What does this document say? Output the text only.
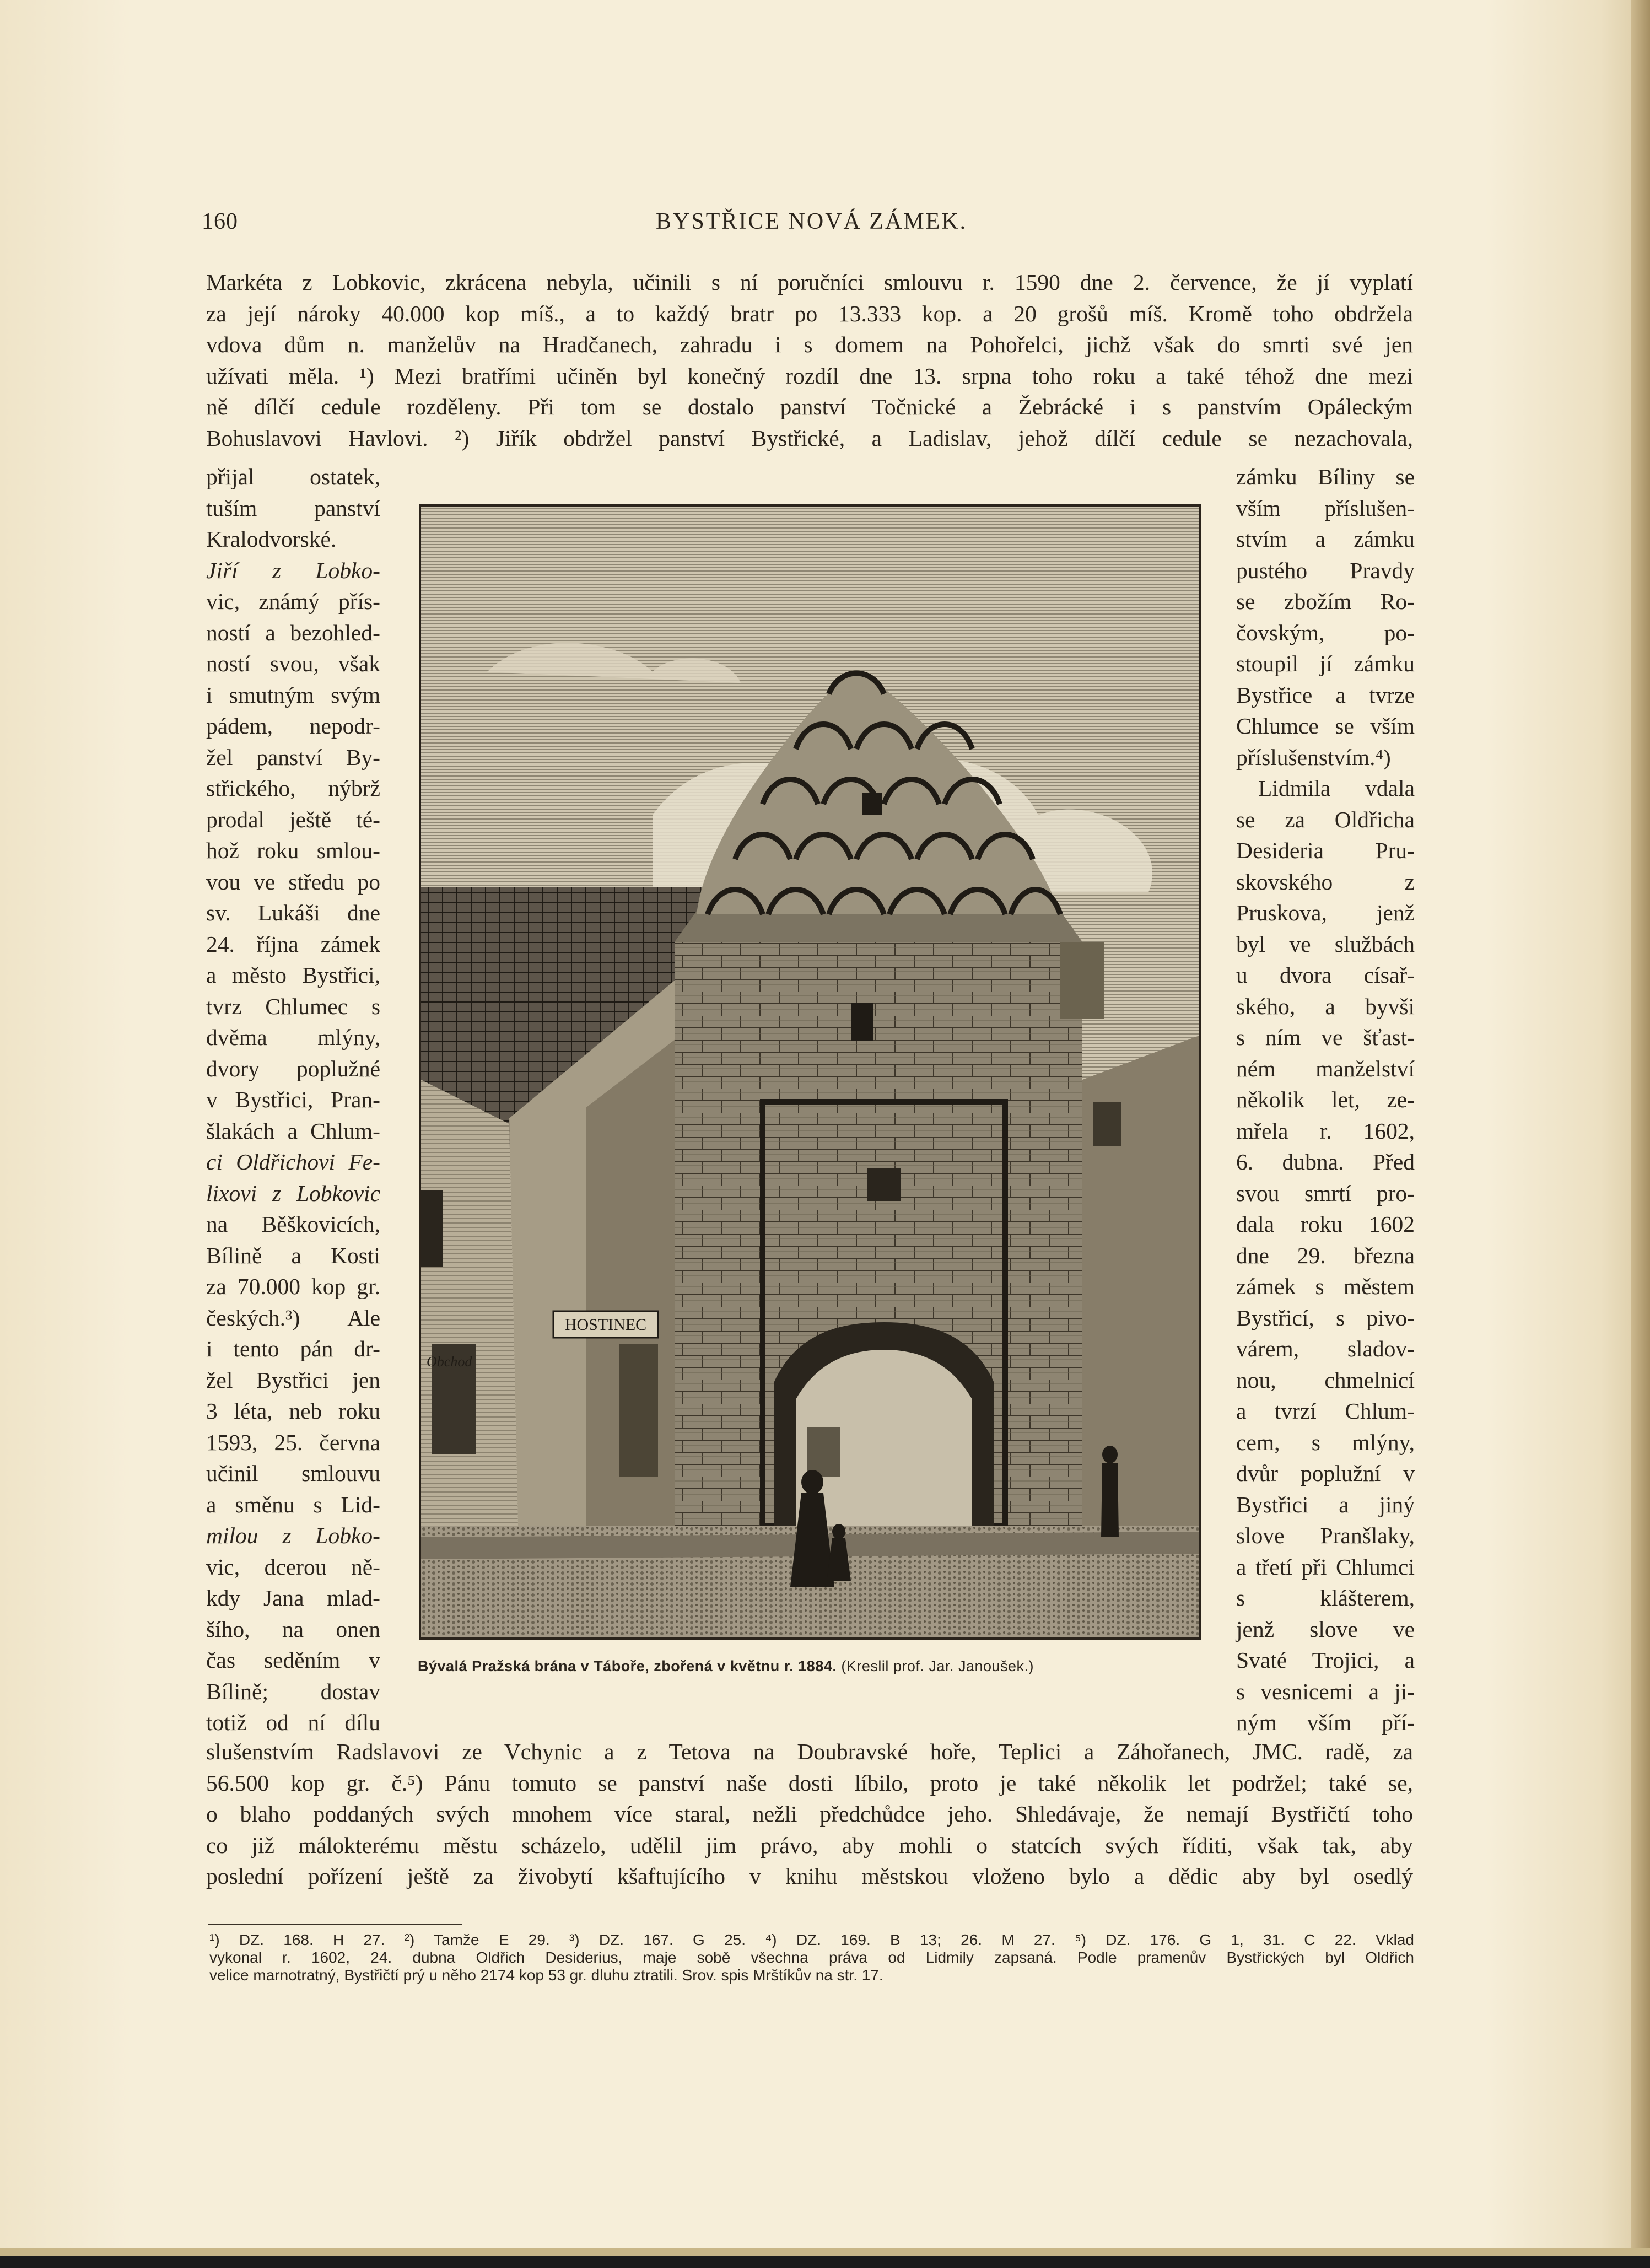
160	BYSTŘICE NOVÁ ZÁMEK.
Markéta z Lobkovic, zkrácena nebyla, učinili s ní poručníci smlouvu r. 1590 dne 2. července, že jí vyplatí
za její nároky 40.000 kop míš., a to každý bratr po 13.333 kop. a 20 grošů míš. Kromě toho obdržela
vdova dům n. manželův na Hradčanech, zahradu i s domem na Pohořelci, jichž však do smrti své jen
užívati měla. ¹) Mezi bratřími učiněn byl konečný rozdíl dne 13. srpna toho roku a také téhož dne mezi
ně dílčí cedule rozděleny. Při tom se dostalo panství Točnické a Žebrácké i s panstvím Opáleckým
Bohuslavovi Havlovi. ²) Jiřík obdržel panství Bystřické, a Ladislav, jehož dílčí cedule se nezachovala,
přijal ostatek,
tuším panství
Kralodvorské.
Jiří z Lobko-
vic, známý přís-
ností a bezohled-
ností svou, však
i smutným svým
pádem, nepodr-
žel panství By-
střického, nýbrž
prodal ještě té-
hož roku smlou-
vou ve středu po
sv. Lukáši dne
24. října zámek
a město Bystřici,
tvrz Chlumec s
dvěma mlýny,
dvory poplužné
v Bystřici, Pran-
šlakách a Chlum-
ci Oldřichovi Fe-
lixovi z Lobkovic
na Běškovicích,
Bílině a Kosti
za 70.000 kop gr.
českých.³) Ale
i tento pán dr-
žel Bystřici jen
3 léta, neb roku
1593, 25. června
učinil smlouvu
a směnu s Lid-
milou z Lobko-
vic, dcerou ně-
kdy Jana mlad-
šího, na onen
čas seděním v
Bílině; dostav
totiž od ní dílu
zámku Bíliny se
vším příslušen-
stvím a zámku
pustého Pravdy
se zbožím Ro-
čovským, po-
stoupil jí zámku
Bystřice a tvrze
Chlumce se vším
příslušenstvím.⁴)
Lidmila vdala
se za Oldřicha
Desideria Pru-
skovského z
Pruskova, jenž
byl ve službách
u dvora císař-
ského, a byvši
s ním ve šťast-
ném manželství
několik let, ze-
mřela r. 1602,
6. dubna. Před
svou smrtí pro-
dala roku 1602
dne 29. března
zámek s městem
Bystřicí, s pivo-
várem, sladov-
nou, chmelnicí
a tvrzí Chlum-
cem, s mlýny,
dvůr poplužní v
Bystřici a jiný
slove Pranšlaky,
a třetí při Chlumci
s klášterem,
jenž slove ve
Svaté Trojici, a
s vesnicemi a ji-
ným vším pří-
HOSTINEC
Obchod
Bývalá Pražská brána v Táboře, zbořená v květnu r. 1884. (Kreslil prof. Jar. Janoušek.)
slušenstvím Radslavovi ze Vchynic a z Tetova na Doubravské hoře, Teplici a Záhořanech, JMC. radě, za
56.500 kop gr. č.⁵) Pánu tomuto se panství naše dosti líbilo, proto je také několik let podržel; také se,
o blaho poddaných svých mnohem více staral, nežli předchůdce jeho. Shledávaje, že nemají Bystřičtí toho
co již málokterému městu scházelo, udělil jim právo, aby mohli o statcích svých říditi, však tak, aby
poslední pořízení ještě za živobytí kšaftujícího v knihu městskou vloženo bylo a dědic aby byl osedlý
¹) DZ. 168. H 27. ²) Tamže E 29. ³) DZ. 167. G 25. ⁴) DZ. 169. B 13; 26. M 27. ⁵) DZ. 176. G 1, 31. C 22. Vklad
vykonal r. 1602, 24. dubna Oldřich Desiderius, maje sobě všechna práva od Lidmily zapsaná. Podle pramenův Bystřických byl Oldřich
velice marnotratný, Bystřičtí prý u něho 2174 kop 53 gr. dluhu ztratili. Srov. spis Mrštíkův na str. 17.
